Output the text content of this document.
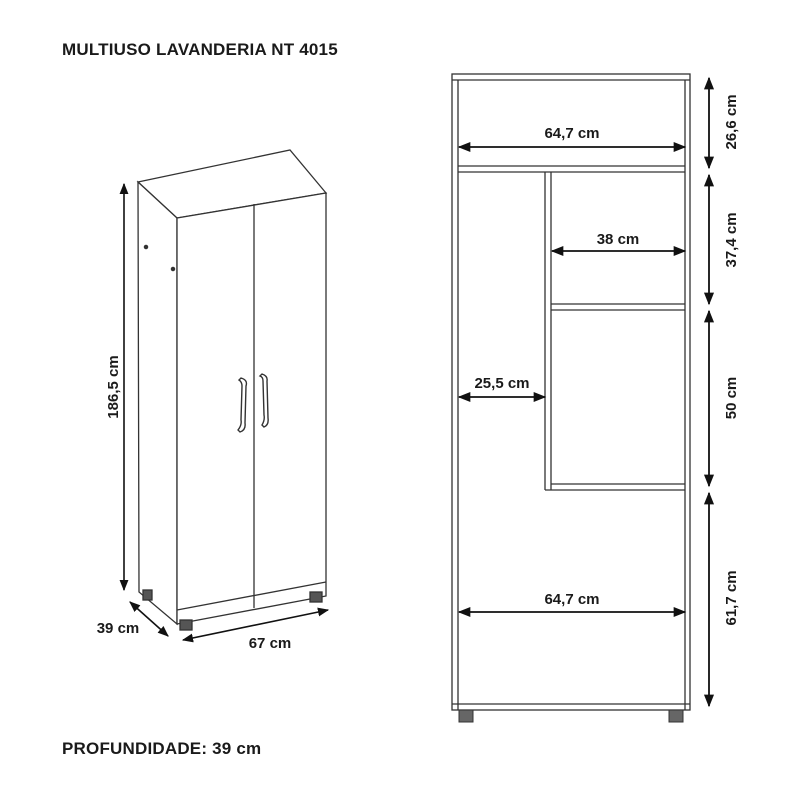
MULTIUSO LAVANDERIA NT 4015
186,5 cm
39 cm
67 cm
64,7 cm
38 cm
25,5 cm
64,7 cm
26,6 cm
37,4 cm
50 cm
61,7 cm
PROFUNDIDADE: 39 cm
